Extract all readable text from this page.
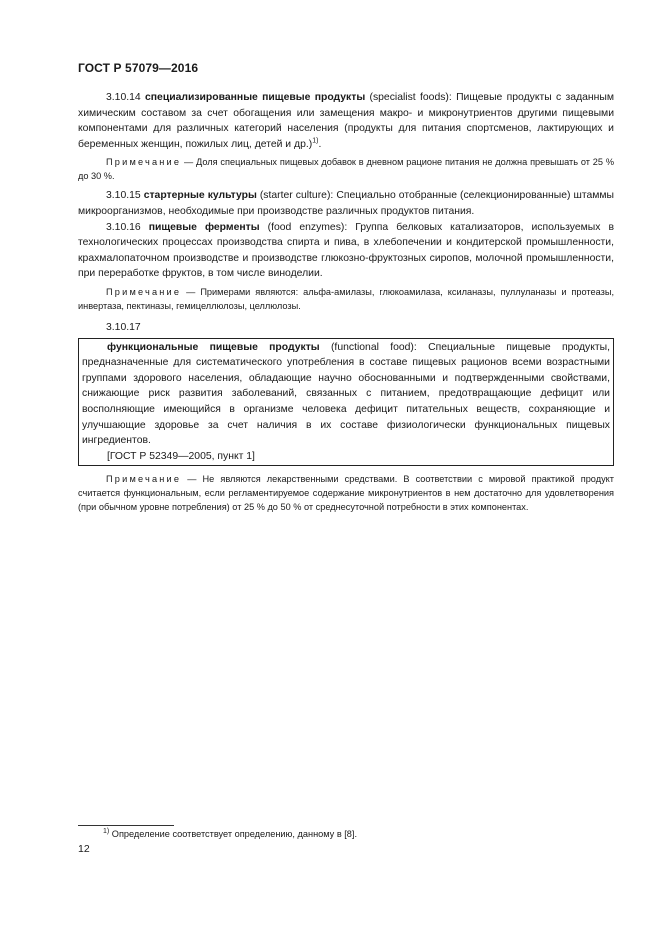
ГОСТ Р 57079—2016

3.10.14 специализированные пищевые продукты (specialist foods): Пищевые продукты с заданным химическим составом за счет обогащения или замещения макро- и микронутриентов другими пищевыми компонентами для различных категорий населения (продукты для питания спортсменов, лактирующих и беременных женщин, пожилых лиц, детей и др.)$^{1)}$.

Примечание — Доля специальных пищевых добавок в дневном рационе питания не должна превышать от 25 % до 30 %.

3.10.15 стартерные культуры (starter culture): Специально отобранные (селекционированные) штаммы микроорганизмов, необходимые при производстве различных продуктов питания.

3.10.16 пищевые ферменты (food enzymes): Группа белковых катализаторов, используемых в технологических процессах производства спирта и пива, в хлебопечении и кондитерской промышленности, крахмалопаточном производстве и производстве глюкозно-фруктозных сиропов, молочной промышленности, при переработке фруктов, в том числе виноделии.

Примечание — Примерами являются: альфа-амилазы, глюкоамилаза, ксиланазы, пуллуланазы и протеазы, инвертаза, пектиназы, гемицеллюлозы, целлюлозы.

3.10.17

функциональные пищевые продукты (functional food): Специальные пищевые продукты, предназначенные для систематического употребления в составе пищевых рационов всеми возрастными группами здорового населения, обладающие научно обоснованными и подтвержденными свойствами, снижающие риск развития заболеваний, связанных с питанием, предотвращающие дефицит или восполняющие имеющийся в организме человека дефицит питательных веществ, сохраняющие и улучшающие здоровье за счет наличия в их составе физиологически функциональных пищевых ингредиентов.

[ГОСТ Р 52349—2005, пункт 1]

Примечание — Не являются лекарственными средствами. В соответствии с мировой практикой продукт считается функциональным, если регламентируемое содержание микронутриентов в нем достаточно для удовлетворения (при обычном уровне потребления) от 25 % до 50 % от среднесуточной потребности в этих компонентах.

$^{1)}$ Определение соответствует определению, данному в [8].
12
